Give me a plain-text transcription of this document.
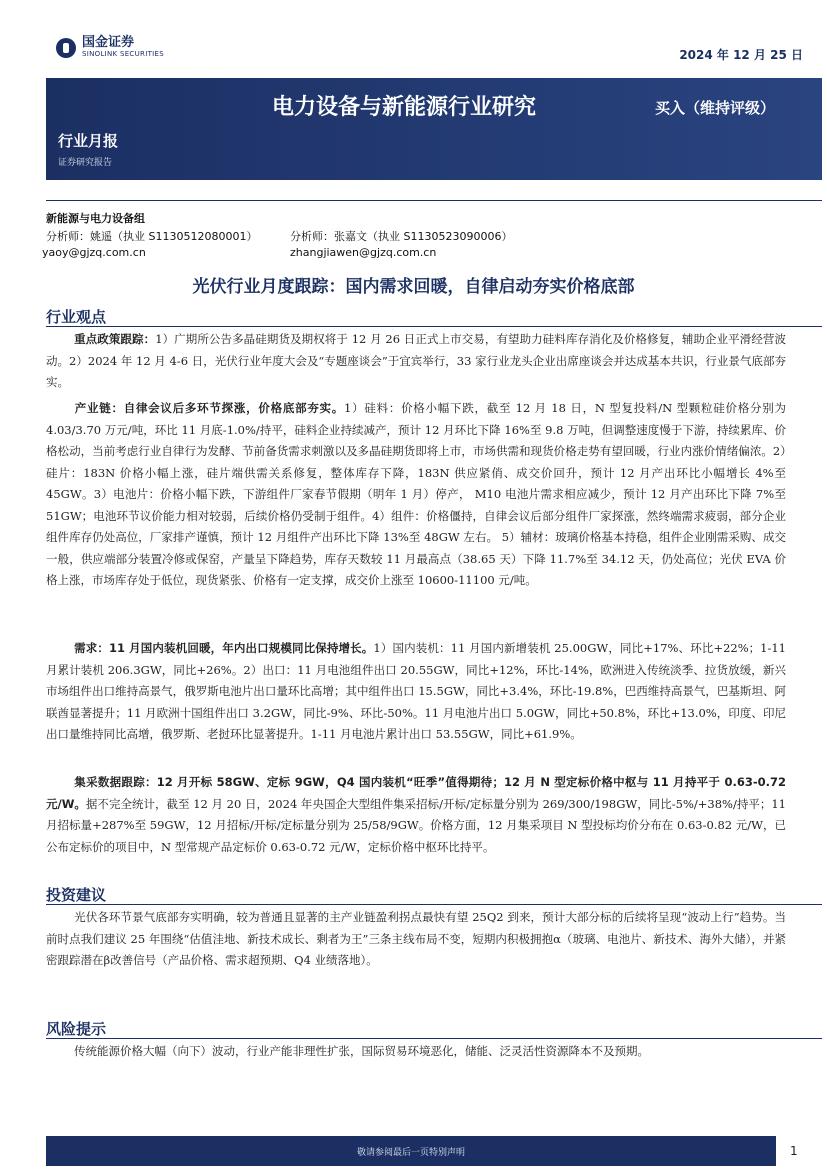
国金证券
SINOLINK SECURITIES	2024 年 12 月 25 日
电力设备与新能源行业研究	买入（维持评级）
行业月报
证券研究报告
新能源与电力设备组
分析师：姚遥（执业 S1130512080001）	分析师：张嘉文（执业 S1130523090006）
yaoy@gjzq.com.cn	zhangjiawen@gjzq.com.cn
光伏行业月度跟踪：国内需求回暖，自律启动夯实价格底部
行业观点
重点政策跟踪：1）广期所公告多晶硅期货及期权将于 12 月 26 日正式上市交易，有望助力硅料库存消化及价格修复，辅助企业平滑经营波动。2）2024 年 12 月 4-6 日，光伏行业年度大会及“专题座谈会”于宜宾举行，33 家行业龙头企业出席座谈会并达成基本共识，行业景气底部夯实。
产业链：自律会议后多环节探涨，价格底部夯实。1）硅料：价格小幅下跌，截至 12 月 18 日，N 型复投料/N 型颗粒硅价格分别为 4.03/3.70 万元/吨，环比 11 月底-1.0%/持平，硅料企业持续减产，预计 12 月环比下降 16%至 9.8 万吨，但调整速度慢于下游，持续累库、价格松动，当前考虑行业自律行为发酵、节前备货需求刺激以及多晶硅期货即将上市，市场供需和现货价格走势有望回暖，行业内涨价情绪偏浓。2）硅片：183N 价格小幅上涨，硅片端供需关系修复，整体库存下降，183N 供应紧俏、成交价回升，预计 12 月产出环比小幅增长 4%至 45GW。3）电池片：价格小幅下跌，下游组件厂家春节假期（明年 1 月）停产， M10 电池片需求相应减少，预计 12 月产出环比下降 7%至 51GW；电池环节议价能力相对较弱，后续价格仍受制于组件。4）组件：价格僵持，自律会议后部分组件厂家探涨，然终端需求疲弱，部分企业组件库存仍处高位，厂家排产谨慎，预计 12 月组件产出环比下降 13%至 48GW 左右。 5）辅材：玻璃价格基本持稳，组件企业刚需采购、成交一般，供应端部分装置冷修或保窑，产量呈下降趋势，库存天数较 11 月最高点（38.65 天）下降 11.7%至 34.12 天，仍处高位；光伏 EVA 价格上涨，市场库存处于低位，现货紧张、价格有一定支撑，成交价上涨至 10600-11100 元/吨。
需求：11 月国内装机回暖，年内出口规模同比保持增长。1）国内装机：11 月国内新增装机 25.00GW，同比+17%、环比+22%；1-11 月累计装机 206.3GW，同比+26%。2）出口：11 月电池组件出口 20.55GW，同比+12%，环比-14%，欧洲进入传统淡季、拉货放缓，新兴市场组件出口维持高景气，俄罗斯电池片出口量环比高增；其中组件出口 15.5GW，同比+3.4%，环比-19.8%，巴西维持高景气，巴基斯坦、阿联酋显著提升；11 月欧洲十国组件出口 3.2GW，同比-9%、环比-50%。11 月电池片出口 5.0GW，同比+50.8%，环比+13.0%，印度、印尼出口量维持同比高增，俄罗斯、老挝环比显著提升。1-11 月电池片累计出口 53.55GW，同比+61.9%。
集采数据跟踪：12 月开标 58GW、定标 9GW，Q4 国内装机“旺季”值得期待；12 月 N 型定标价格中枢与 11 月持平于 0.63-0.72 元/W。据不完全统计，截至 12 月 20 日，2024 年央国企大型组件集采招标/开标/定标量分别为 269/300/198GW，同比-5%/+38%/持平；11 月招标量+287%至 59GW，12 月招标/开标/定标量分别为 25/58/9GW。价格方面，12 月集采项目 N 型投标均价分布在 0.63-0.82 元/W，已公布定标价的项目中，N 型常规产品定标价 0.63-0.72 元/W，定标价格中枢环比持平。
投资建议
光伏各环节景气底部夯实明确，较为普通且显著的主产业链盈利拐点最快有望 25Q2 到来，预计大部分标的后续将呈现“波动上行”趋势。当前时点我们建议 25 年围绕“估值洼地、新技术成长、剩者为王”三条主线布局不变，短期内积极拥抱α（玻璃、电池片、新技术、海外大储），并紧密跟踪潜在β改善信号（产品价格、需求超预期、Q4 业绩落地）。
风险提示
传统能源价格大幅（向下）波动，行业产能非理性扩张，国际贸易环境恶化，储能、泛灵活性资源降本不及预期。
敬请参阅最后一页特别声明	1
